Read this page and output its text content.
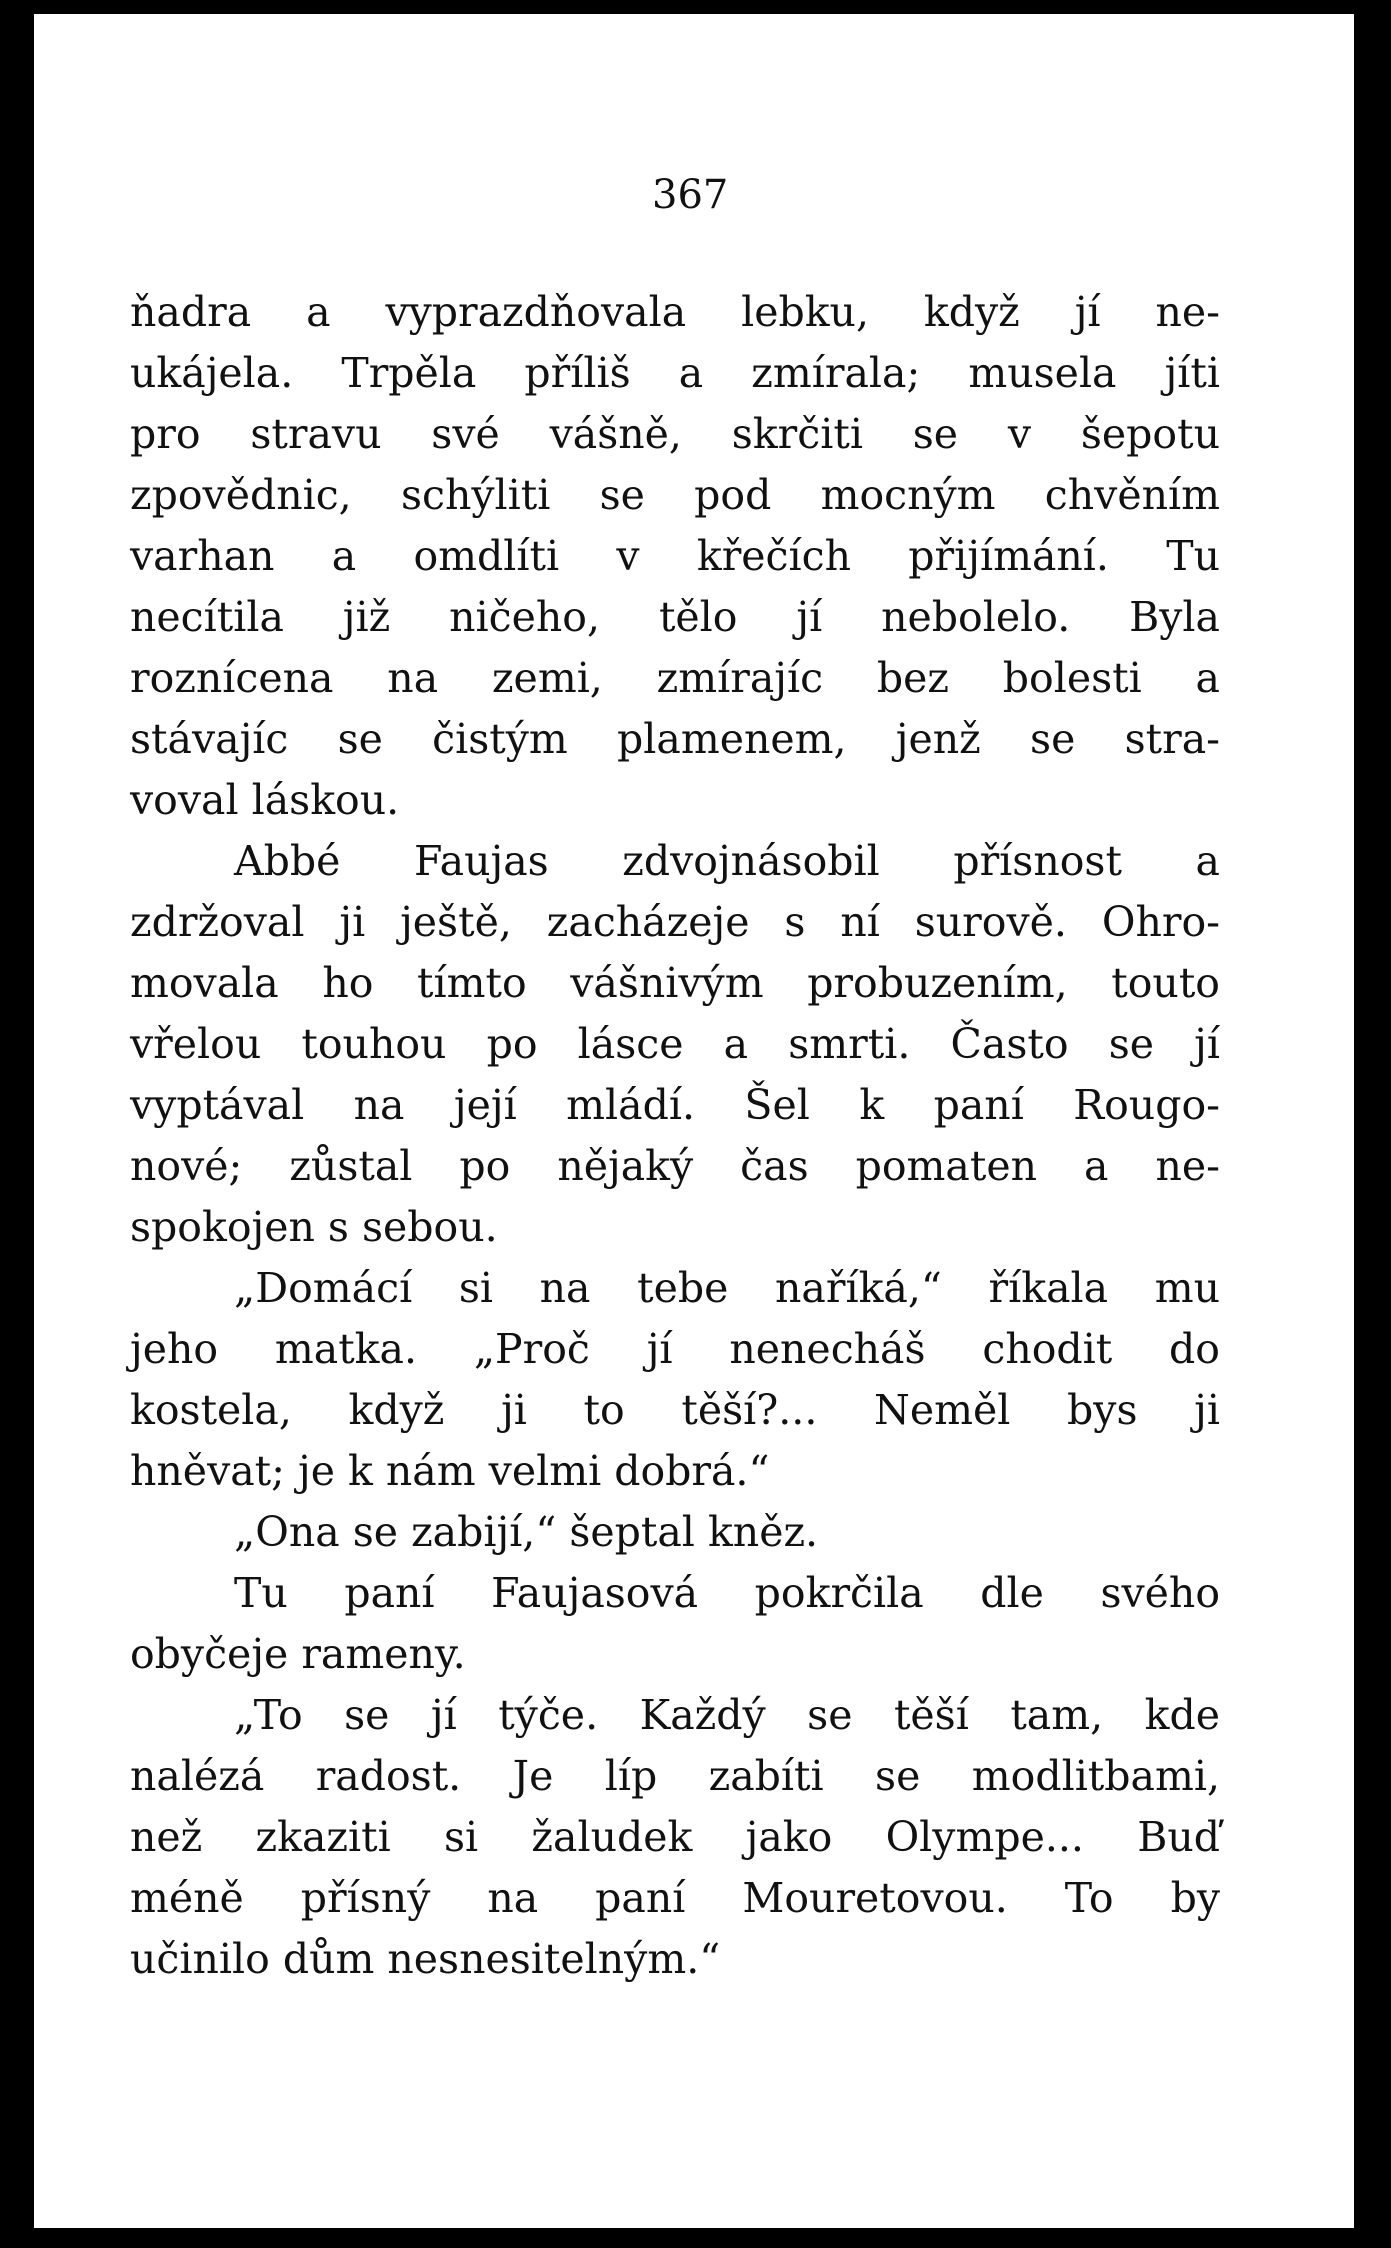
367
ňadra a vyprazdňovala lebku, když jí ne-
ukájela. Trpěla příliš a zmírala; musela jíti
pro stravu své vášně, skrčiti se v šepotu
zpovědnic, schýliti se pod mocným chvěním
varhan a omdlíti v křečích přijímání. Tu
necítila již ničeho, tělo jí nebolelo. Byla
roznícena na zemi, zmírajíc bez bolesti a
stávajíc se čistým plamenem, jenž se stra-
voval láskou.
Abbé Faujas zdvojnásobil přísnost a
zdržoval ji ještě, zacházeje s ní surově. Ohro-
movala ho tímto vášnivým probuzením, touto
vřelou touhou po lásce a smrti. Často se jí
vyptával na její mládí. Šel k paní Rougo-
nové; zůstal po nějaký čas pomaten a ne-
spokojen s sebou.
„Domácí si na tebe naříká,“ říkala mu
jeho matka. „Proč jí nenecháš chodit do
kostela, když ji to těší?... Neměl bys ji
hněvat; je k nám velmi dobrá.“
„Ona se zabijí,“ šeptal kněz.
Tu paní Faujasová pokrčila dle svého
obyčeje rameny.
„To se jí týče. Každý se těší tam, kde
nalézá radost. Je líp zabíti se modlitbami,
než zkaziti si žaludek jako Olympe... Buď
méně přísný na paní Mouretovou. To by
učinilo dům nesnesitelným.“
